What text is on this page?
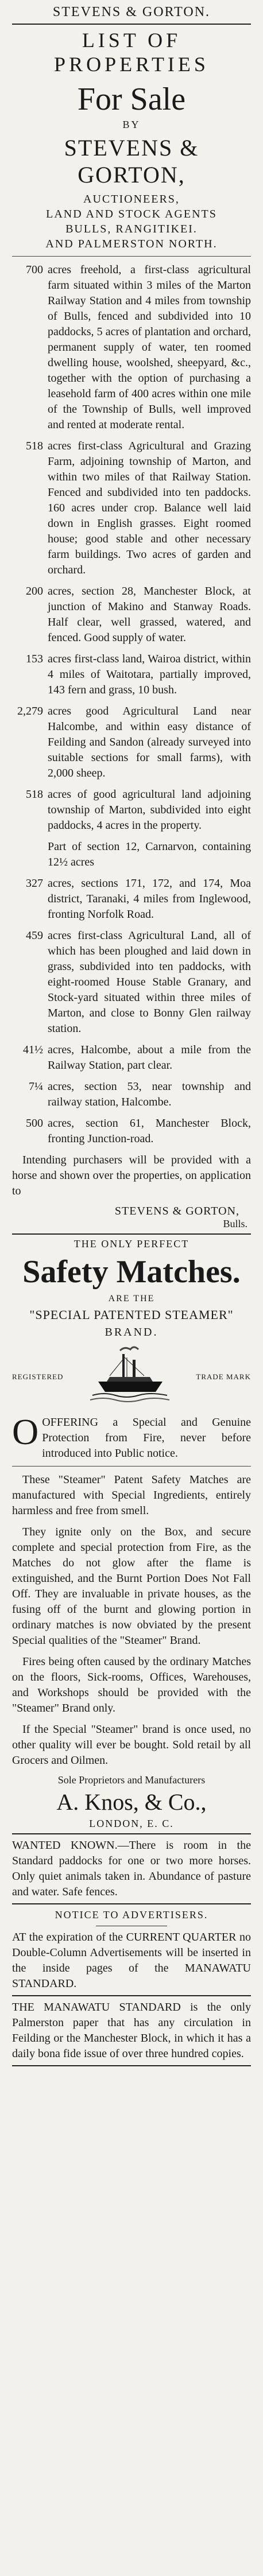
STEVENS & GORTON.
LIST OF PROPERTIES
For Sale
BY
STEVENS & GORTON,
AUCTIONEERS,
LAND AND STOCK AGENTS
BULLS, RANGITIKEI.
AND PALMERSTON NORTH.
700 acres freehold, a first-class agricultural farm situated within 3 miles of the Marton Railway Station and 4 miles from township of Bulls, fenced and subdivided into 10 paddocks, 5 acres of plantation and orchard, permanent supply of water, ten roomed dwelling house, woolshed, sheepyard, &c., together with the option of purchasing a leasehold farm of 400 acres within one mile of the Township of Bulls, well improved and rented at moderate rental.
518 acres first-class Agricultural and Grazing Farm, adjoining township of Marton, and within two miles of that Railway Station. Fenced and subdivided into ten paddocks. 160 acres under crop. Balance well laid down in English grasses. Eight roomed house; good stable and other necessary farm buildings. Two acres of garden and orchard.
200 acres, section 28, Manchester Block, at junction of Makino and Stanway Roads. Half clear, well grassed, watered, and fenced. Good supply of water.
153 acres first-class land, Wairoa district, within 4 miles of Waitotara, partially improved, 143 fern and grass, 10 bush.
2,279 acres good Agricultural Land near Halcombe, and within easy distance of Feilding and Sandon (already surveyed into suitable sections for small farms), with 2,000 sheep.
518 acres of good agricultural land adjoining township of Marton, subdivided into eight paddocks, 4 acres in the property.
Part of section 12, Carnarvon, containing 12½ acres
327 acres, sections 171, 172, and 174, Moa district, Taranaki, 4 miles from Inglewood, fronting Norfolk Road.
459 acres first-class Agricultural Land, all of which has been ploughed and laid down in grass, subdivided into ten paddocks, with eight-roomed House Stable Granary, and Stock-yard situated within three miles of Marton, and close to Bonny Glen railway station.
41½ acres, Halcombe, about a mile from the Railway Station, part clear.
7¼ acres, section 53, near township and railway station, Halcombe.
500 acres, section 61, Manchester Block, fronting Junction-road.
Intending purchasers will be provided with a horse and shown over the properties, on application to
STEVENS & GORTON,
Bulls.
THE ONLY PERFECT
Safety Matches.
ARE THE
"SPECIAL PATENTED STEAMER"
BRAND.
REGISTERED	TRADE MARK
OOFFERING a Special and Genuine Protection from Fire, never before introduced into Public notice.
These "Steamer" Patent Safety Matches are manufactured with Special Ingredients, entirely harmless and free from smell.
They ignite only on the Box, and secure complete and special protection from Fire, as the Matches do not glow after the flame is extinguished, and the Burnt Portion Does Not Fall Off. They are invaluable in private houses, as the fusing off of the burnt and glowing portion in ordinary matches is now obviated by the present Special qualities of the "Steamer" Brand.
Fires being often caused by the ordinary Matches on the floors, Sick-rooms, Offices, Warehouses, and Workshops should be provided with the "Steamer" Brand only.
If the Special "Steamer" brand is once used, no other quality will ever be bought. Sold retail by all Grocers and Oilmen.
Sole Proprietors and Manufacturers
A. Knos, & Co.,
LONDON, E. C.
WANTED KNOWN.—There is room in the Standard paddocks for one or two more horses. Only quiet animals taken in. Abundance of pasture and water. Safe fences.
NOTICE TO ADVERTISERS.
AT the expiration of the CURRENT QUARTER no Double-Column Advertisements will be inserted in the inside pages of the MANAWATU STANDARD.
THE MANAWATU STANDARD is the only Palmerston paper that has any circulation in Feilding or the Manchester Block, in which it has a daily bona fide issue of over three hundred copies.
